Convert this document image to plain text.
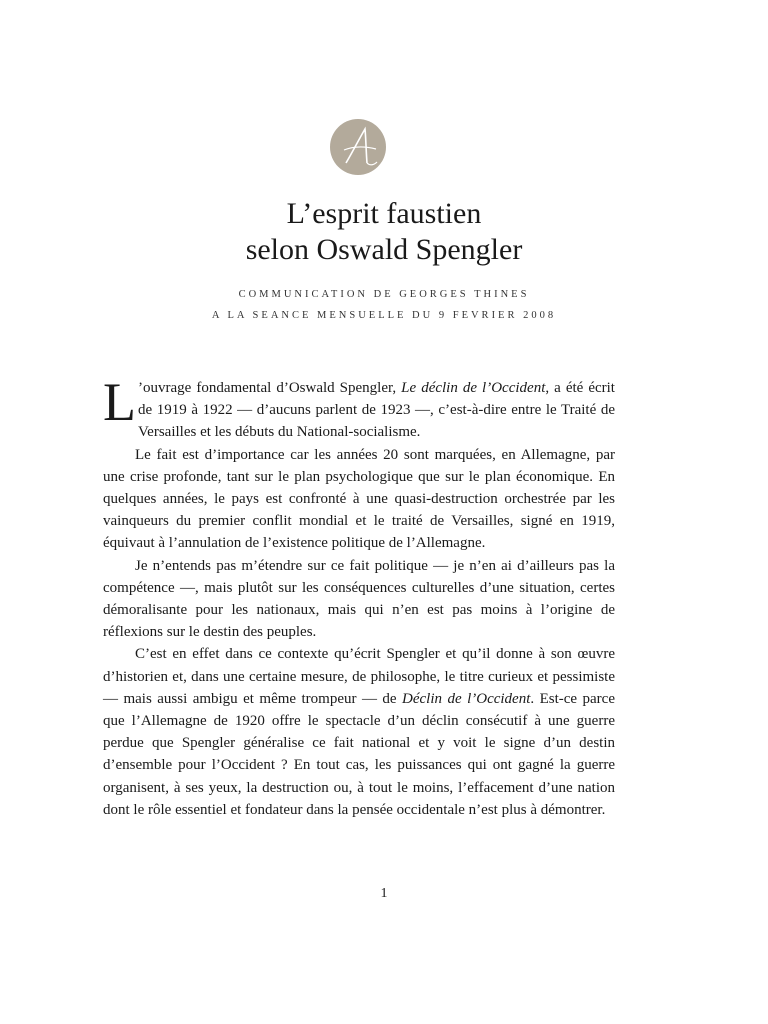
L’esprit faustien
selon Oswald Spengler
COMMUNICATION DE GEORGES THINES
A LA SEANCE MENSUELLE DU 9 FEVRIER 2008

L ’ouvrage fondamental d’Oswald Spengler, Le déclin de l’Occident, a été écrit de 1919 à 1922 — d’aucuns parlent de 1923 —, c’est-à-dire entre le Traité de Versailles et les débuts du National-socialisme.

Le fait est d’importance car les années 20 sont marquées, en Allemagne, par une crise profonde, tant sur le plan psychologique que sur le plan économique. En quelques années, le pays est confronté à une quasi-destruction orchestrée par les vainqueurs du premier conflit mondial et le traité de Versailles, signé en 1919, équivaut à l’annulation de l’existence politique de l’Allemagne.

Je n’entends pas m’étendre sur ce fait politique — je n’en ai d’ailleurs pas la compétence —, mais plutôt sur les conséquences culturelles d’une situation, certes démoralisante pour les nationaux, mais qui n’en est pas moins à l’origine de réflexions sur le destin des peuples.

C’est en effet dans ce contexte qu’écrit Spengler et qu’il donne à son œuvre d’historien et, dans une certaine mesure, de philosophe, le titre curieux et pessimiste — mais aussi ambigu et même trompeur — de Déclin de l’Occident. Est-ce parce que l’Allemagne de 1920 offre le spectacle d’un déclin consécutif à une guerre perdue que Spengler généralise ce fait national et y voit le signe d’un destin d’ensemble pour l’Occident ? En tout cas, les puissances qui ont gagné la guerre organisent, à ses yeux, la destruction ou, à tout le moins, l’effacement d’une nation dont le rôle essentiel et fondateur dans la pensée occidentale n’est plus à démontrer.

1
